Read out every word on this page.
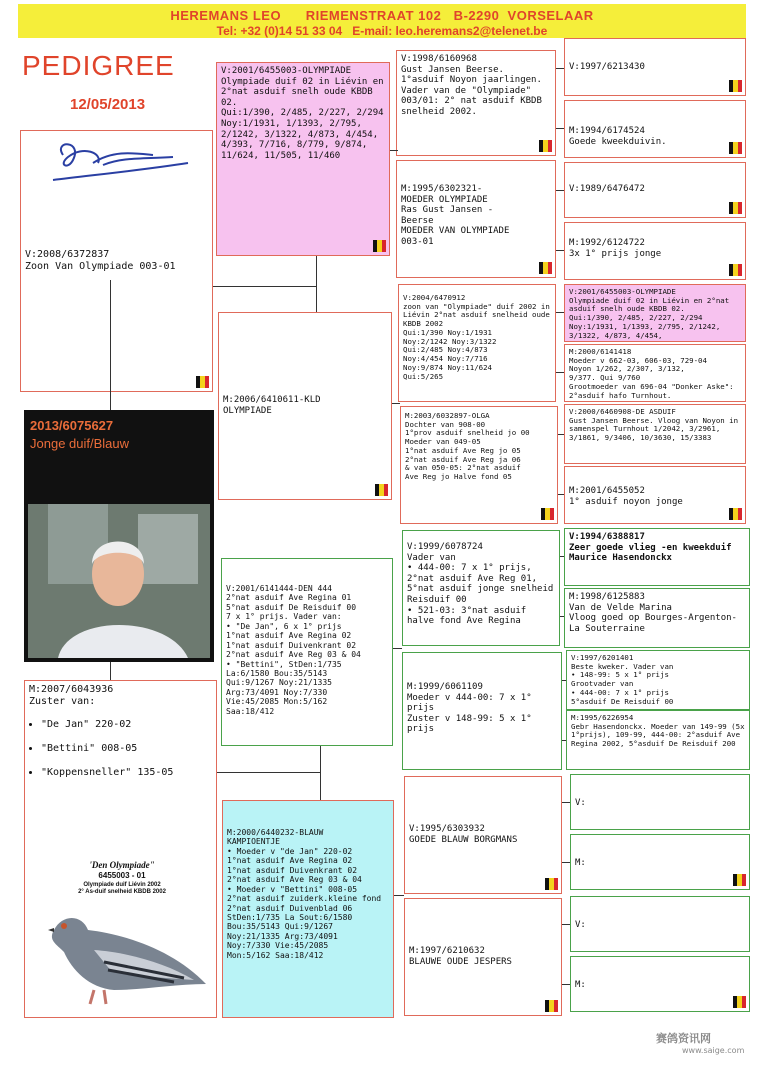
HEREMANS LEO      RIEMENSTRAAT 102   B-2290  VORSELAAR
Tel: +32 (0)14 51 33 04   E-mail: leo.heremans2@telenet.be
PEDIGREE
12/05/2013
V:2008/6372837
Zoon Van Olympiade 003-01
2013/6075627
Jonge duif/Blauw
M:2007/6043936
Zuster van:

• "De Jan" 220-02

• "Bettini" 008-05

• "Koppensneller" 135-05

'Den Olympiade"
6455003 - 01
Olympiade duif Liévin 2002
2° As-duif snelheid KBDB 2002
V:2001/6455003-OLYMPIADE
Olympiade duif 02 in Liévin en 2°nat asduif snelh oude KBDB 02.
Qui:1/390, 2/485, 2/227, 2/294
Noy:1/1931, 1/1393, 2/795, 2/1242, 3/1322, 4/873, 4/454, 4/393, 7/716, 8/779, 9/874, 11/624, 11/505, 11/460
M:2006/6410611-KLD
OLYMPIADE
V:2001/6141444-DEN 444
2°nat asduif Ave Regina 01
5°nat asduif De Reisduif 00
7 x 1° prijs. Vader van:
• "De Jan", 6 x 1° prijs
1°nat asduif Ave Regina 02
1°nat asduif Duivenkrant 02
2°nat asduif Ave Reg 03 & 04
• "Bettini", StDen:1/735
La:6/1580 Bou:35/5143
Qui:9/1267 Noy:21/1335
Arg:73/4091 Noy:7/330
Vie:45/2085 Mon:5/162
Saa:18/412
M:2000/6440232-BLAUW
KAMPIOENTJE
• Moeder v "de Jan" 220-02
1°nat asduif Ave Regina 02
1°nat asduif Duivenkrant 02
2°nat asduif Ave Reg 03 & 04
• Moeder v "Bettini" 008-05
2°nat asduif zuiderk.kleine fond
2°nat asduif Duivenblad 06
StDen:1/735 La Sout:6/1580
Bou:35/5143 Qui:9/1267
Noy:21/1335 Arg:73/4091
Noy:7/330 Vie:45/2085
Mon:5/162 Saa:18/412
V:1998/6160968
Gust Jansen Beerse.
1°asduif Noyon jaarlingen. Vader van de "Olympiade" 003/01: 2° nat asduif KBDB snelheid 2002.
M:1995/6302321-
MOEDER OLYMPIADE
Ras Gust Jansen -
Beerse
MOEDER VAN OLYMPIADE
003-01
V:2004/6470912
zoon van "Olympiade" duif 2002 in Liévin 2°nat asduif snelheid oude KBDB 2002
Qui:1/390 Noy:1/1931
Noy:2/1242 Noy:3/1322
Qui:2/485 Noy:4/873
Noy:4/454 Noy:7/716
Noy:9/874 Noy:11/624
Qui:5/265
M:2003/6032897-OLGA
Dochter van 908-00
1°prov asduif snelheid jo 00
Moeder van 049-05
1°nat asduif Ave Reg jo 05
2°nat asduif Ave Reg ja 06
& van 050-05: 2°nat asduif
Ave Reg jo Halve fond 05
V:1999/6078724
Vader van
• 444-00: 7 x 1° prijs, 2°nat asduif Ave Reg 01, 5°nat asduif jonge snelheid Reisduif 00
• 521-03: 3°nat asduif halve fond Ave Regina
M:1999/6061109
Moeder v 444-00: 7 x 1° prijs
Zuster v 148-99: 5 x 1° prijs
V:1995/6303932
GOEDE BLAUW BORGMANS
M:1997/6210632
BLAUWE OUDE JESPERS
V:1997/6213430
M:1994/6174524
Goede kweekduivin.
V:1989/6476472
M:1992/6124722
3x 1° prijs jonge
V:2001/6455003-OLYMPIADE
Olympiade duif 02 in Liévin en 2°nat asduif snelh oude KBDB 02.
Qui:1/390, 2/485, 2/227, 2/294
Noy:1/1931, 1/1393, 2/795, 2/1242, 3/1322, 4/873, 4/454,
M:2000/6141418
Moeder v 662-03, 606-03, 729-04
Noyon 1/262, 2/307, 3/132,
9/377. Qui 9/760
Grootmoeder van 696-04 "Donker Aske": 2°asduif hafo Turnhout.
V:2000/6460908-DE ASDUIF
Gust Jansen Beerse. Vloog van Noyon in samenspel Turnhout 1/2042, 3/2961, 3/1861, 9/3406, 10/3630, 15/3383
M:2001/6455052
1° asduif noyon jonge
V:1994/6388817
Zeer goede vlieg -en kweekduif Maurice Hasendonckx
M:1998/6125883
Van de Velde Marina
Vloog goed op Bourges-Argenton-La Souterraine
V:1997/6201401
Beste kweker. Vader van
• 148-99: 5 x 1° prijs
Grootvader van
• 444-00: 7 x 1° prijs
5°asduif De Reisduif 00
M:1995/6226954
Gebr Hasendonckx. Moeder van 149-99 (5x 1°prijs), 109-99, 444-00: 2°asduif Ave Regina 2002, 5°asduif De Reisduif 200
V:
M:
V:
M:
赛鸽资讯网
www.saige.com
